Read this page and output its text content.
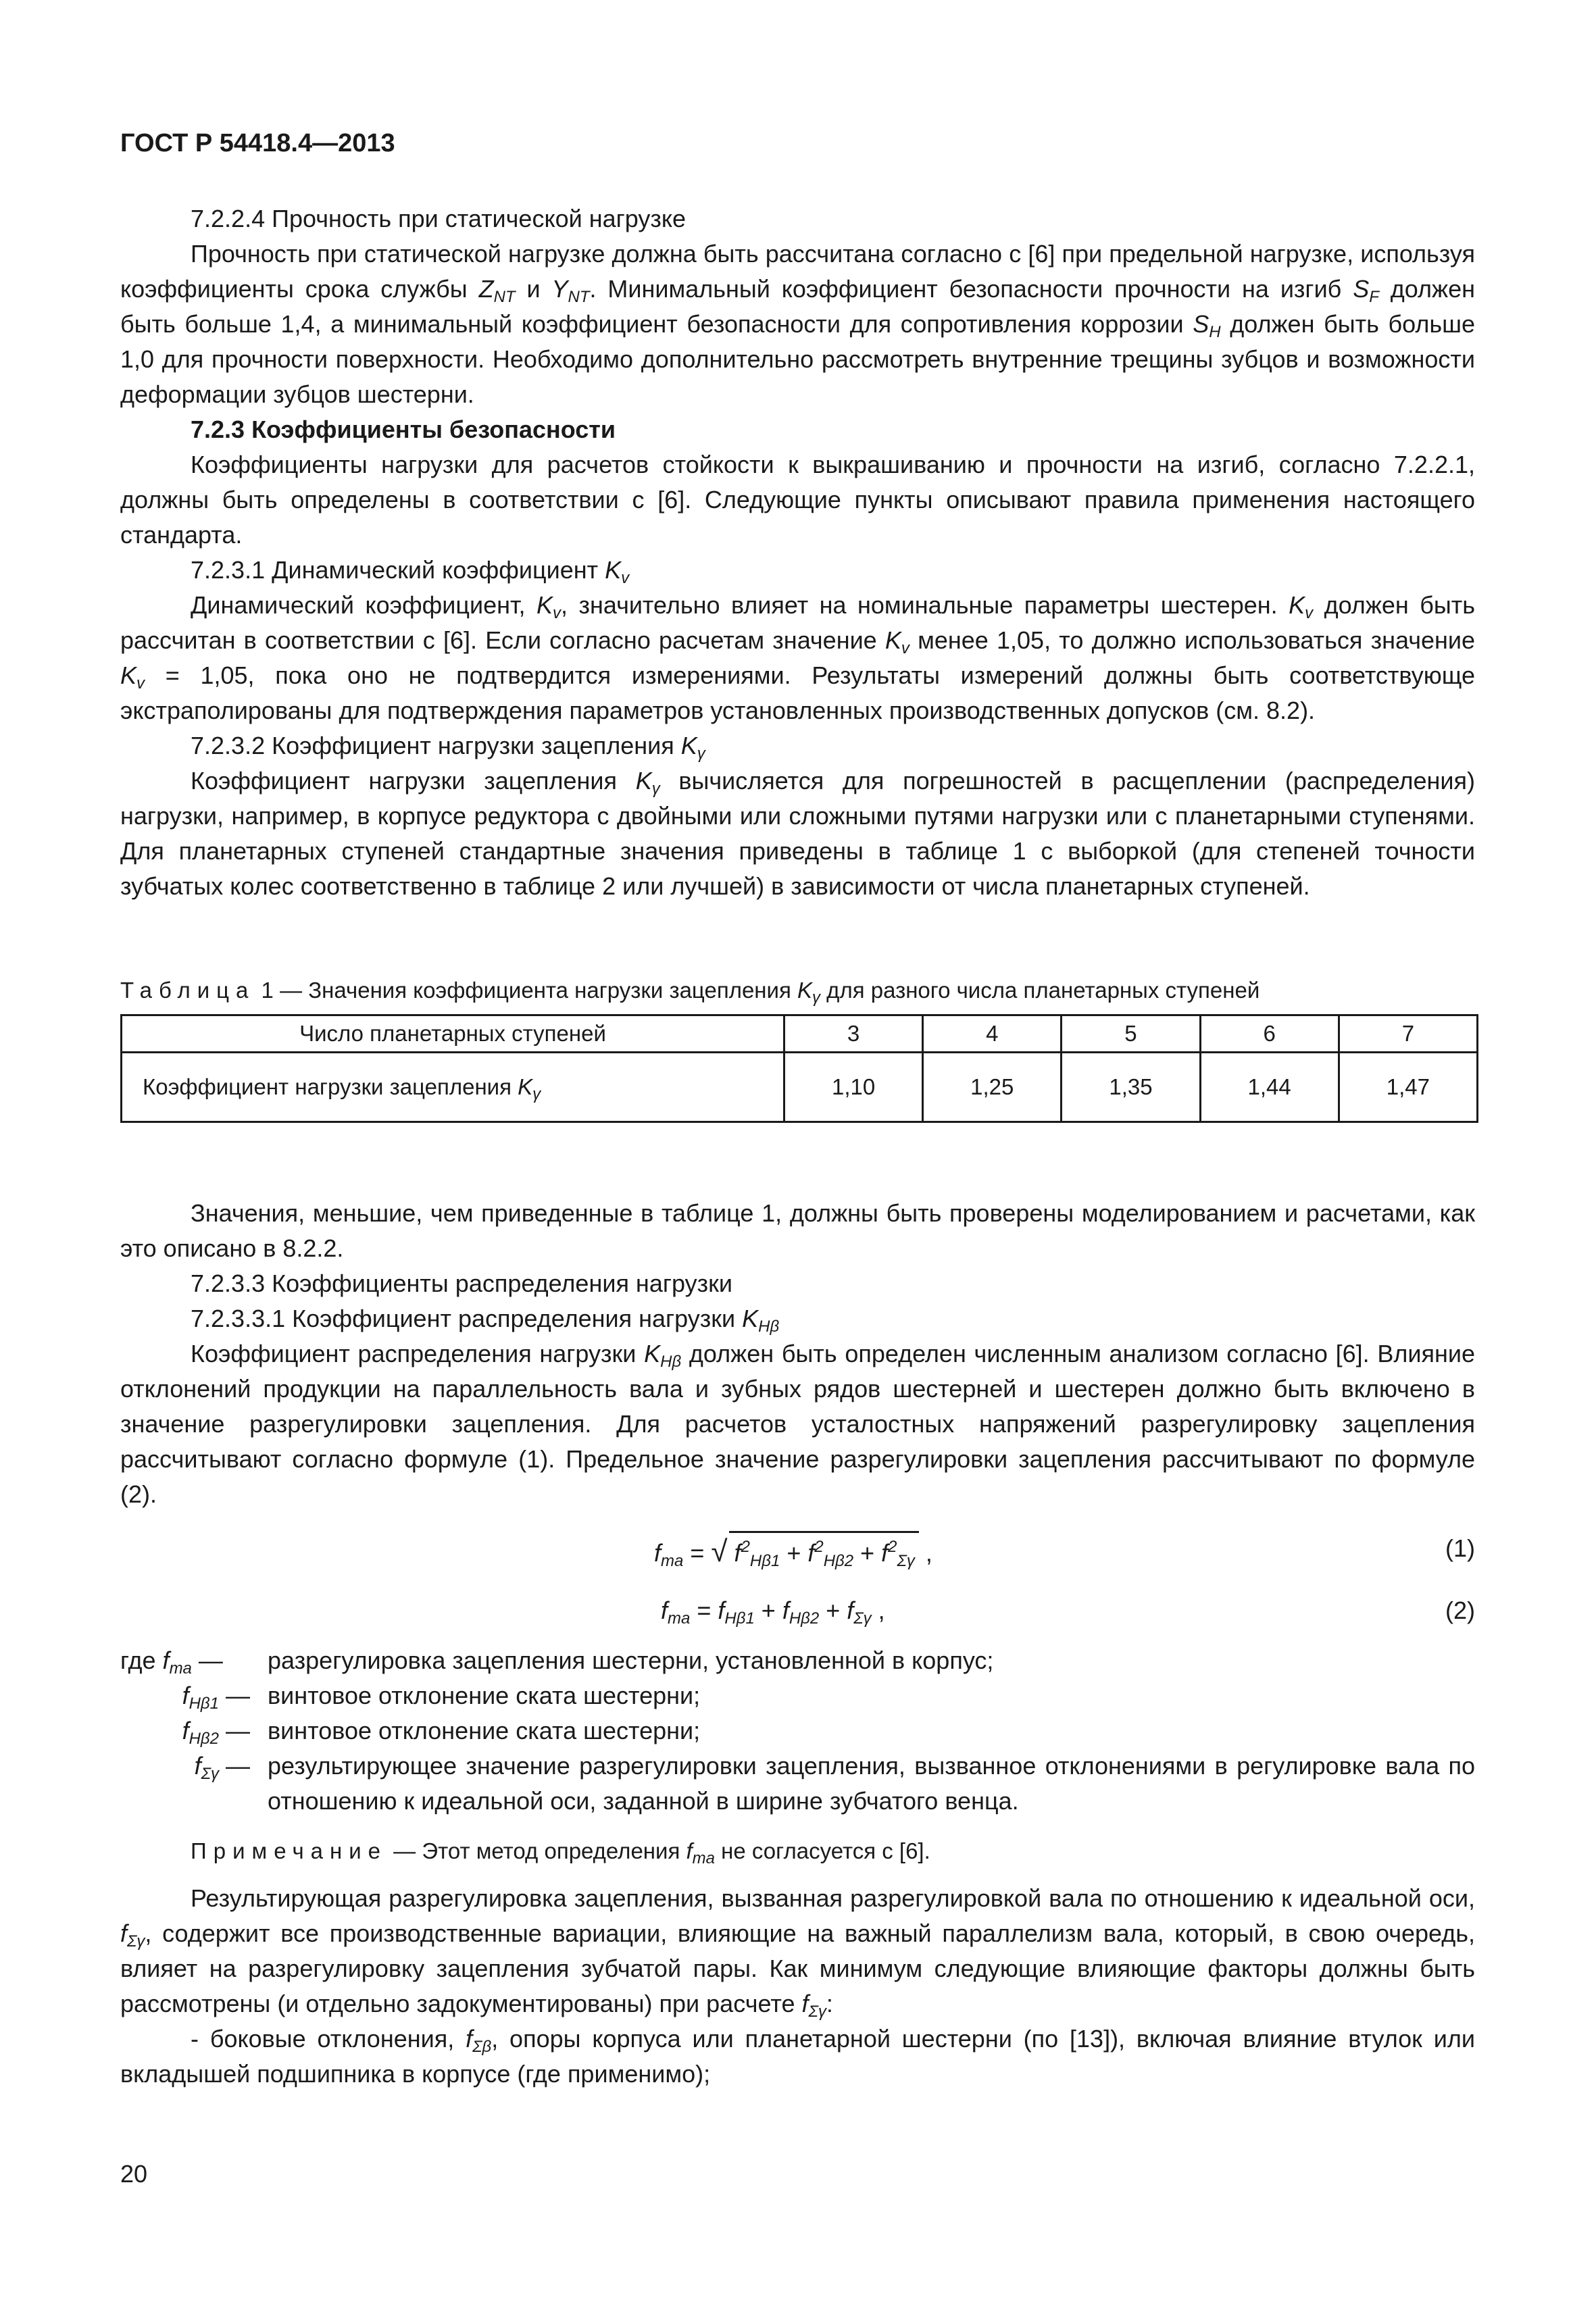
ГОСТ Р 54418.4—2013

7.2.2.4 Прочность при статической нагрузке

Прочность при статической нагрузке должна быть рассчитана согласно с [6] при предельной нагрузке, используя коэффициенты срока службы $Z_{NT}$ и $Y_{NT}$. Минимальный коэффициент безопасности прочности на изгиб $S_F$ должен быть больше 1,4, а минимальный коэффициент безопасности для сопротивления коррозии $S_H$ должен быть больше 1,0 для прочности поверхности. Необходимо дополнительно рассмотреть внутренние трещины зубцов и возможности деформации зубцов шестерни.

7.2.3 Коэффициенты безопасности

Коэффициенты нагрузки для расчетов стойкости к выкрашиванию и прочности на изгиб, согласно 7.2.2.1, должны быть определены в соответствии с [6]. Следующие пункты описывают правила применения настоящего стандарта.

7.2.3.1 Динамический коэффициент $K_v$

Динамический коэффициент, $K_v$, значительно влияет на номинальные параметры шестерен. $K_v$ должен быть рассчитан в соответствии с [6]. Если согласно расчетам значение $K_v$ менее 1,05, то должно использоваться значение $K_v = 1,05$, пока оно не подтвердится измерениями. Результаты измерений должны быть соответствующе экстраполированы для подтверждения параметров установленных производственных допусков (см. 8.2).

7.2.3.2 Коэффициент нагрузки зацепления $K_\gamma$

Коэффициент нагрузки зацепления $K_\gamma$ вычисляется для погрешностей в расщеплении (распределения) нагрузки, например, в корпусе редуктора с двойными или сложными путями нагрузки или с планетарными ступенями. Для планетарных ступеней стандартные значения приведены в таблице 1 с выборкой (для степеней точности зубчатых колес соответственно в таблице 2 или лучшей) в зависимости от числа планетарных ступеней.

Таблица 1 — Значения коэффициента нагрузки зацепления $K_\gamma$ для разного числа планетарных ступеней
Число планетарных ступеней	3	4	5	6	7
Коэффициент нагрузки зацепления $K_\gamma$	1,10	1,25	1,35	1,44	1,47

Значения, меньшие, чем приведенные в таблице 1, должны быть проверены моделированием и расчетами, как это описано в 8.2.2.

7.2.3.3 Коэффициенты распределения нагрузки

7.2.3.3.1 Коэффициент распределения нагрузки $K_{H\beta}$

Коэффициент распределения нагрузки $K_{H\beta}$ должен быть определен численным анализом согласно [6]. Влияние отклонений продукции на параллельность вала и зубных рядов шестерней и шестерен должно быть включено в значение разрегулировки зацепления. Для расчетов усталостных напряжений разрегулировку зацепления рассчитывают согласно формуле (1). Предельное значение разрегулировки зацепления рассчитывают по формуле (2).

$f_{ma}$ = √ $f^2_{H\beta 1} + f^2_{H\beta 2} + f^2_{\Sigma\gamma}$ ,	(1)
$f_{ma} = f_{H\beta 1} + f_{H\beta 2} + f_{\Sigma\gamma}$ ,	(2)
где $f_{ma}$ —	разрегулировка зацепления шестерни, установленной в корпус;
$f_{H\beta 1}$ — винтовое отклонение ската шестерни;
$f_{H\beta 2}$ — винтовое отклонение ската шестерни;
$f_{\Sigma\gamma}$ — результирующее значение разрегулировки зацепления, вызванное отклонениями в регулировке вала по отношению к идеальной оси, заданной в ширине зубчатого венца.
Примечание — Этот метод определения $f_{ma}$ не согласуется с [6].

Результирующая разрегулировка зацепления, вызванная разрегулировкой вала по отношению к идеальной оси, $f_{\Sigma\gamma}$, содержит все производственные вариации, влияющие на важный параллелизм вала, который, в свою очередь, влияет на разрегулировку зацепления зубчатой пары. Как минимум следующие влияющие факторы должны быть рассмотрены (и отдельно задокументированы) при расчете $f_{\Sigma\gamma}$:

- боковые отклонения, $f_{\Sigma\beta}$, опоры корпуса или планетарной шестерни (по [13]), включая влияние втулок или вкладышей подшипника в корпусе (где применимо);

20
